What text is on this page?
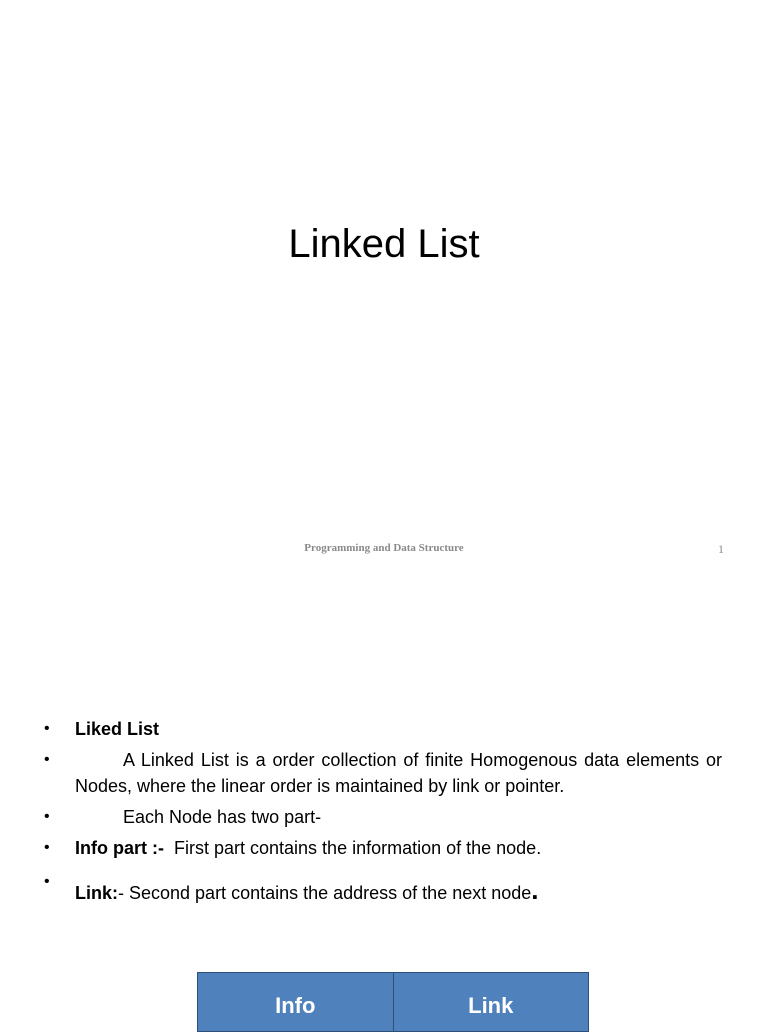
Linked List
Programming and Data Structure	1
• Liked List
• A Linked List is a order collection of finite Homogenous data elements or Nodes, where the linear order is maintained by link or pointer.
• Each Node has two part-
• Info part :- First part contains the information of the node.
• Link:- Second part contains the address of the next node.
Info	Link
